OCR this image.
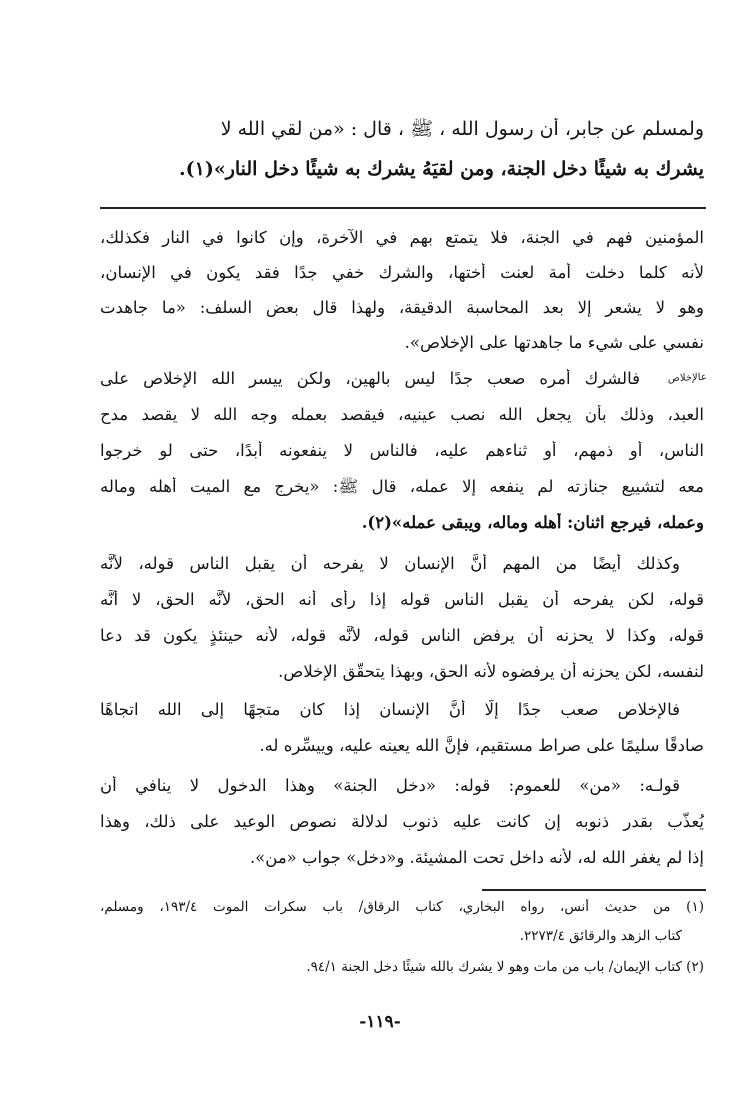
ولمسلم عن جابر، أن رسول الله ، ﷺ ، قال : «من لقي الله لا
يشرك به شيئًا دخل الجنة، ومن لقيَهُ يشرك به شيئًا دخل النار»(١).
المؤمنين فهم في الجنة، فلا يتمتع بهم في الآخرة، وإن كانوا في النار فكذلك،
لأنه كلما دخلت أمة لعنت أختها، والشرك خفي جدًا فقد يكون في الإنسان،
وهو لا يشعر إلا بعد المحاسبة الدقيقة، ولهذا قال بعض السلف: «ما جاهدت
نفسي على شيء ما جاهدتها على الإخلاص».
عالإخلاص
فالشرك أمره صعب جدًا ليس بالهين، ولكن ييسر الله الإخلاص على
العبد، وذلك بأن يجعل الله نصب عينيه، فيقصد بعمله وجه الله لا يقصد مدح
الناس، أو ذمهم، أو ثناءهم عليه، فالناس لا ينفعونه أبدًا، حتى لو خرجوا
معه لتشييع جنازته لم ينفعه إلا عمله، قال ﷺ: «يخرج مع الميت أهله وماله
وعمله، فيرجع اثنان: أهله وماله، ويبقى عمله»(٢).
وكذلك أيضًا من المهم أنَّ الإنسان لا يفرحه أن يقبل الناس قوله، لأنَّه
قوله، لكن يفرحه أن يقبل الناس قوله إذا رأى أنه الحق، لأنَّه الحق، لا أنَّه
قوله، وكذا لا يحزنه أن يرفض الناس قوله، لأنَّه قوله، لأنه حينئذٍ يكون قد دعا
لنفسه، لكن يحزنه أن يرفضوه لأنه الحق، وبهذا يتحقَّق الإخلاص.
فالإخلاص صعب جدًا إلّا أنَّ الإنسان إذا كان متجهًا إلى الله اتجاهًا
صادقًا سليمًا على صراط مستقيم، فإنَّ الله يعينه عليه، وييسِّره له.
قولـه: «من» للعموم: قوله: «دخل الجنة» وهذا الدخول لا ينافي أن
يُعذَّب بقدر ذنوبه إن كانت عليه ذنوب لدلالة نصوص الوعيد على ذلك، وهذا
إذا لم يغفر الله له، لأنه داخل تحت المشيئة. و«دخل» جواب «من».
(١) من حديث أنس، رواه البخاري، كتاب الرقاق/ باب سكرات الموت ١٩٣/٤، ومسلم،
كتاب الزهد والرقائق ٢٢٧٣/٤.
(٢) كتاب الإيمان/ باب من مات وهو لا يشرك بالله شيئًا دخل الجنة ٩٤/١.
-١١٩-
